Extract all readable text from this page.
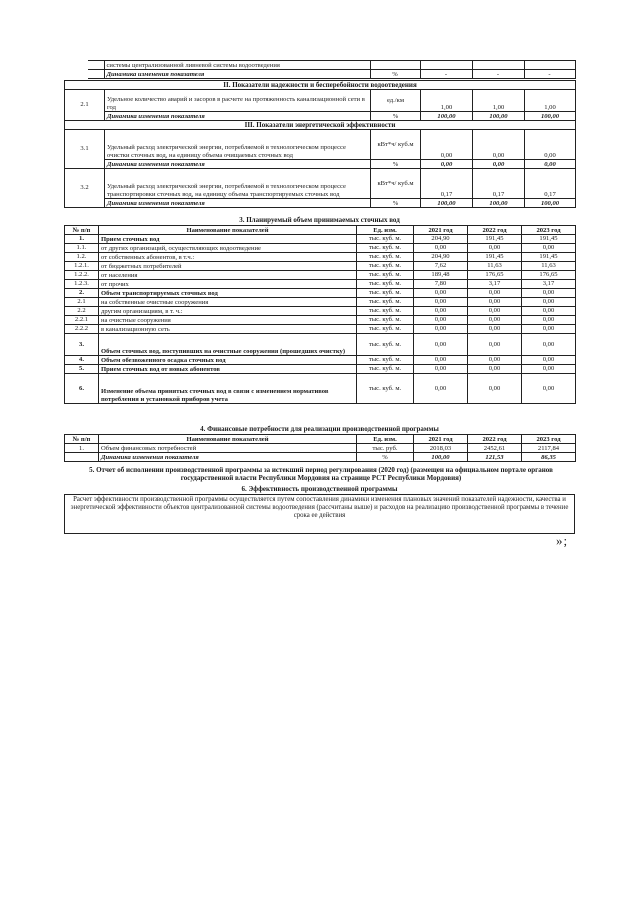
	системы централизованной ливневой системы водоотведения				
	Динамика изменения показателя	%	-	-	-
II. Показатели надежности и бесперебойности водоотведения					
2.1	Удельное количество аварий и засоров в расчете на протяженность канализационной сети в год	ед./км	1,00	1,00	1,00
	Динамика изменения показателя	%	100,00	100,00	100,00
III. Показатели энергетической эффективности					
3.1	Удельный расход электрической энергии, потребляемой в технологическом процессе очистки сточных вод, на единицу объема очищаемых сточных вод	кВт*ч/ куб.м	0,00	0,00	0,00
	Динамика изменения показателя	%	0,00	0,00	0,00
3.2	Удельный расход электрической энергии, потребляемой в технологическом процессе транспортировки сточных вод, на единицу объема транспортируемых сточных вод	кВт*ч/ куб.м	0,17	0,17	0,17
	Динамика изменения показателя	%	100,00	100,00	100,00
3. Планируемый объем принимаемых сточных вод
№ п/п	Наименование показателей	Ед. изм.	2021 год	2022 год	2023 год
1.	Прием сточных вод	тыс. куб. м.	204,90	191,45	191,45
1.1.	от других организаций, осуществляющих водоотведение	тыс. куб. м.	0,00	0,00	0,00
1.2.	от собственных абонентов, в т.ч.:	тыс. куб. м.	204,90	191,45	191,45
1.2.1.	от бюджетных потребителей	тыс. куб. м.	7,62	11,63	11,63
1.2.2.	от населения	тыс. куб. м.	189,48	176,65	176,65
1.2.3.	от прочих	тыс. куб. м.	7,80	3,17	3,17
2.	Объем транспортируемых сточных вод	тыс. куб. м.	0,00	0,00	0,00
2.1	на собственные очистные сооружения	тыс. куб. м.	0,00	0,00	0,00
2.2	другим организациям, в т. ч.:	тыс. куб. м.	0,00	0,00	0,00
2.2.1	на очистные сооружения	тыс. куб. м.	0,00	0,00	0,00
2.2.2	в канализационную сеть	тыс. куб. м.	0,00	0,00	0,00
3.	Объем сточных вод, поступивших на очистные сооружения (прошедших очистку)	тыс. куб. м.	0,00	0,00	0,00
4.	Объем обезвоженного осадка сточных вод	тыс. куб. м.	0,00	0,00	0,00
5.	Прием сточных вод от новых абонентов	тыс. куб. м.	0,00	0,00	0,00
6.	Изменение объема принятых сточных вод в связи с изменением нормативов потребления и установкой приборов учета	тыс. куб. м.	0,00	0,00	0,00
4. Финансовые потребности для реализации производственной программы
№ п/п	Наименование показателей	Ед. изм.	2021 год	2022 год	2023 год
1.	Объем финансовых потребностей	тыс. руб.	2018,03	2452,61	2117,84
	Динамика изменения показателя	%	100,00	121,53	86,35
5. Отчет об исполнении производственной программы за истекший период регулирования (2020 год) (размещен на официальном портале органов государственной власти Республики Мордовия на странице РСТ Республики Мордовия)
6. Эффективность производственной программы
Расчет эффективности производственной программы осуществляется путем сопоставления динамики изменения плановых значений показателей надежности, качества и энергетической эффективности объектов централизованной системы водоотведения (рассчитаны выше) и расходов на реализацию производственной программы в течение срока ее действия
»;
